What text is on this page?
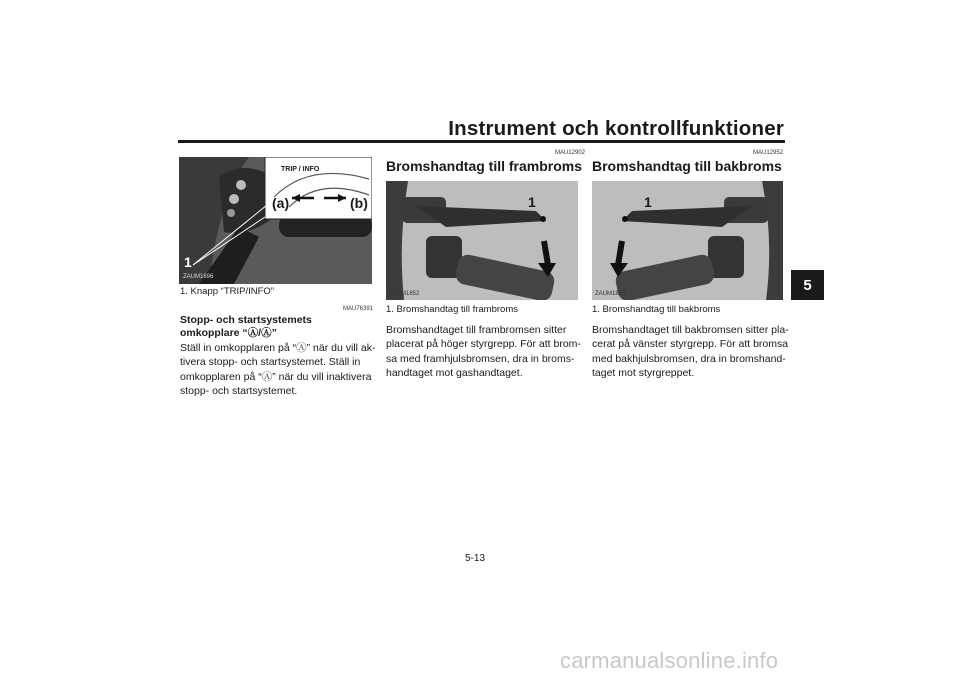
Instrument och kontrollfunktioner
5
TRIP / INFO
(a)	(b)
1
ZAUM1696
1. Knapp “TRIP/INFO”
MAU76391
Stopp- och startsystemets
omkopplare “Ⓐ/Ⓐ”
Ställ in omkopplaren på “Ⓐ” när du vill ak-
tivera stopp- och startsystemet. Ställ in
omkopplaren på “Ⓐ” när du vill inaktivera
stopp- och startsystemet.
MAU12902
Bromshandtag till frambroms
1
ZAUM1852
1. Bromshandtag till frambroms
Bromshandtaget till frambromsen sitter
placerat på höger styrgrepp. För att brom-
sa med framhjulsbromsen, dra in broms-
handtaget mot gashandtaget.
MAU12952
Bromshandtag till bakbroms
1
ZAUM1853
1. Bromshandtag till bakbroms
Bromshandtaget till bakbromsen sitter pla-
cerat på vänster styrgrepp. För att bromsa
med bakhjulsbromsen, dra in bromshand-
taget mot styrgreppet.
5-13
carmanualsonline.info
